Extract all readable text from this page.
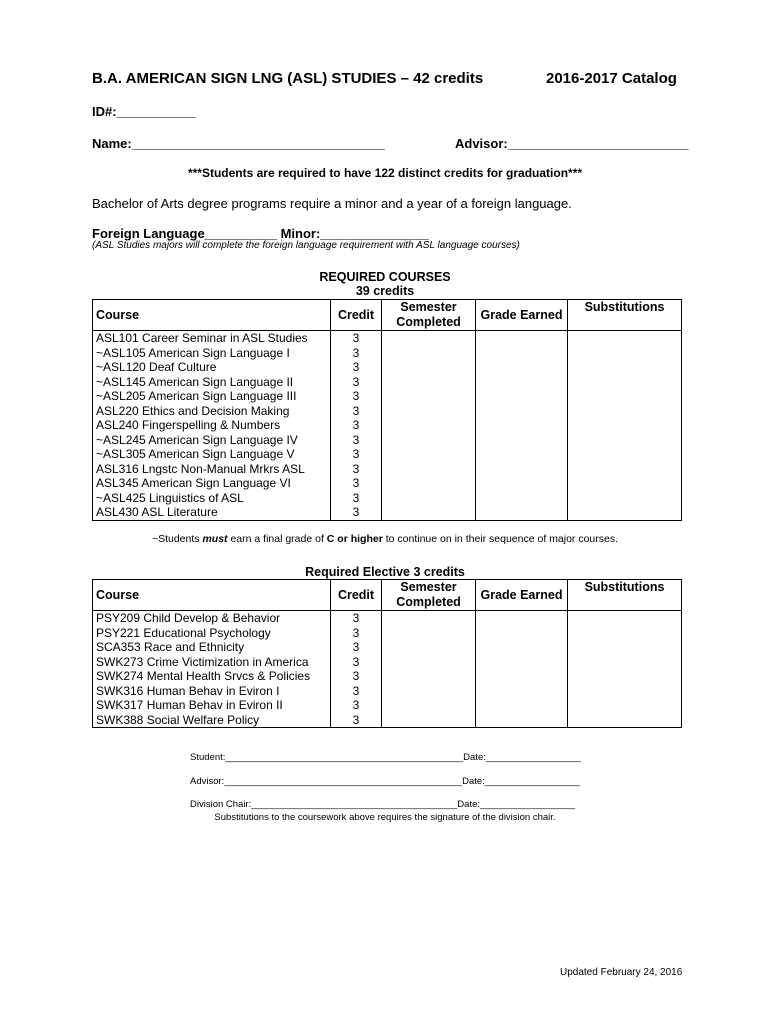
B.A. AMERICAN SIGN LNG (ASL) STUDIES – 42 credits	2016-2017 Catalog
ID#:___________
Name:___________________________________	Advisor:_________________________
***Students are required to have 122 distinct credits for graduation***
Bachelor of Arts degree programs require a minor and a year of a foreign language.
Foreign Language__________ Minor:_______________
(ASL Studies majors will complete the foreign language requirement with ASL language courses)
REQUIRED COURSES
39 credits
Course	Credit	Semester Completed	Grade Earned	Substitutions
ASL101 Career Seminar in ASL Studies	3			
~ASL105 American Sign Language I	3			
~ASL120 Deaf Culture	3			
~ASL145 American Sign Language II	3			
~ASL205 American Sign Language III	3			
ASL220 Ethics and Decision Making	3			
ASL240 Fingerspelling & Numbers	3			
~ASL245 American Sign Language IV	3			
~ASL305 American Sign Language V	3			
ASL316 Lngstc Non-Manual Mrkrs ASL	3			
ASL345 American Sign Language VI	3			
~ASL425 Linguistics of ASL	3			
ASL430 ASL Literature	3			
~Students must earn a final grade of C or higher to continue on in their sequence of major courses.
Required Elective 3 credits
Course	Credit	Semester Completed	Grade Earned	Substitutions
PSY209 Child Develop & Behavior	3			
PSY221 Educational Psychology	3			
SCA353 Race and Ethnicity	3			
SWK273 Crime Victimization in America	3			
SWK274 Mental Health Srvcs & Policies	3			
SWK316 Human Behav in Eviron I	3			
SWK317 Human Behav in Eviron II	3			
SWK388 Social Welfare Policy	3			
Student:_____________________________________________Date:__________________
Advisor:_____________________________________________Date:__________________
Division Chair:_______________________________________Date:__________________
Substitutions to the coursework above requires the signature of the division chair.
Updated February 24, 2016
